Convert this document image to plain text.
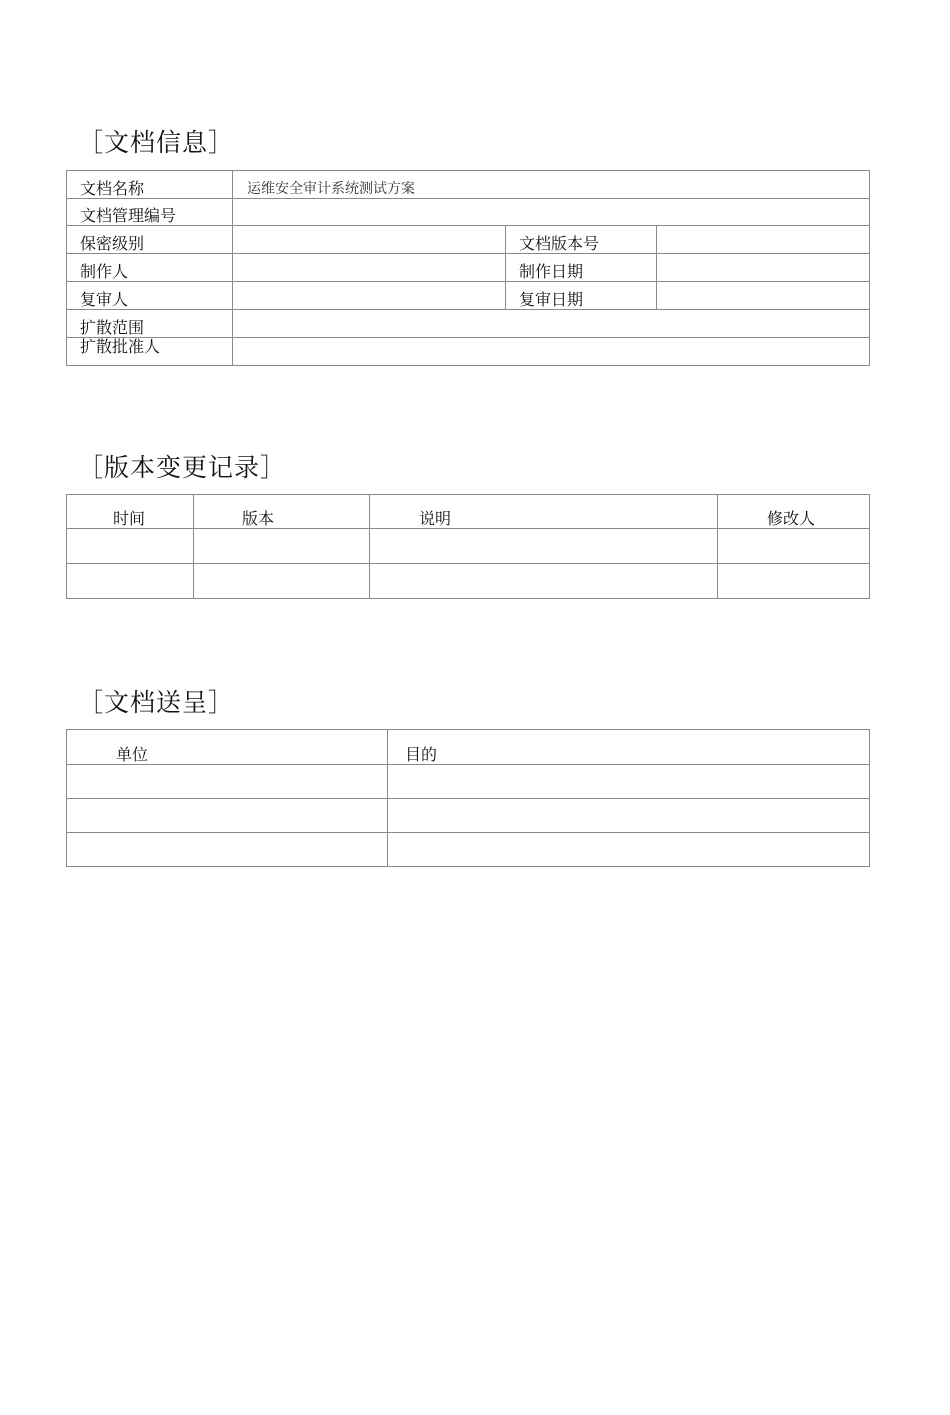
［文档信息］
文档名称	运维安全审计系统测试方案		
文档管理编号			
保密级别		文档版本号	
制作人		制作日期	
复审人		复审日期	
扩散范围			
扩散批准人			
［版本变更记录］
时间	版本	说明	修改人

［文档送呈］
单位	目的
